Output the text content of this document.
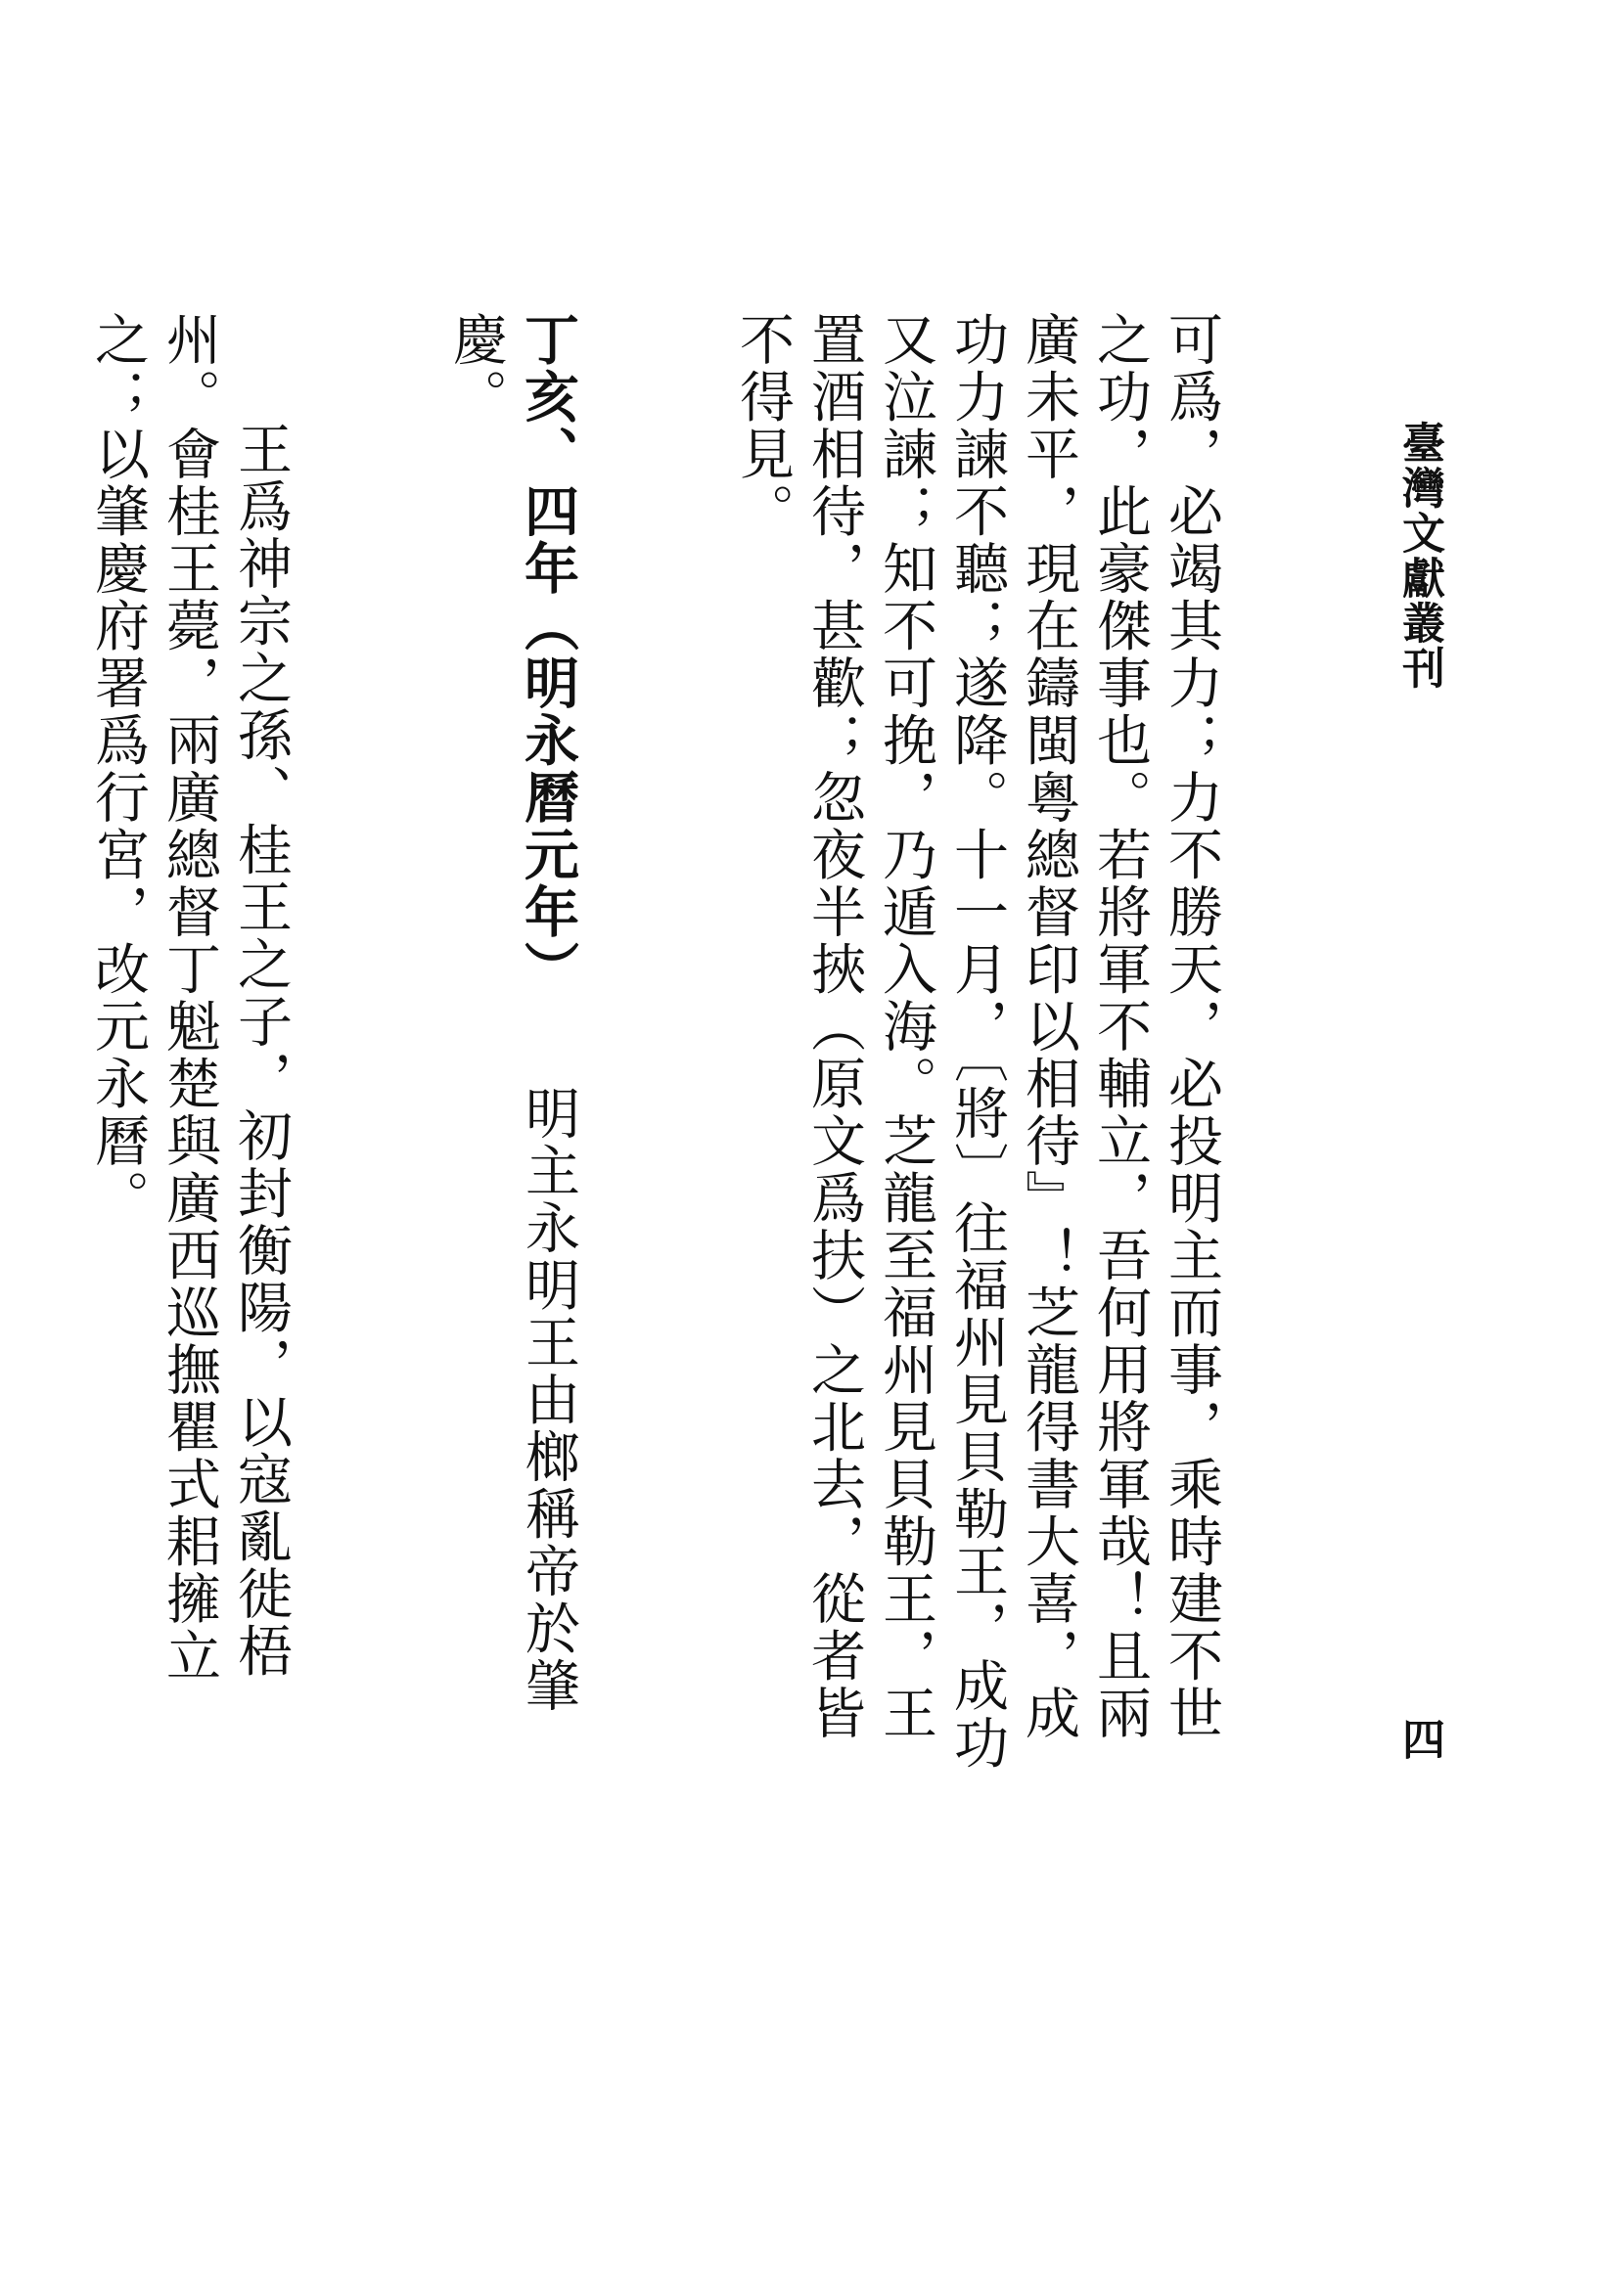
臺灣文獻叢刊
四

可爲，必竭其力；力不勝天，必投明主而事，乘時建不世之功，此豪傑事也。若將軍不輔立，吾何用將軍哉！且兩廣未平，現在鑄閩粵總督印以相待』！芝龍得書大喜，成功力諫不聽；遂降。十一月，〔將〕往福州見貝勒王，成功又泣諫；知不可挽，乃遁入海。芝龍至福州見貝勒王，王置酒相待，甚歡；忽夜半挾（原文爲扶）之北去，從者皆不得見。

丁亥、四年（明永曆元年）　　明主永明王由榔稱帝於肇慶。

王爲神宗之孫、桂王之子，初封衡陽，以寇亂徙梧州。會桂王薨，兩廣總督丁魁楚與廣西巡撫瞿式耜擁立之；以肇慶府署爲行宮，改元永曆。
